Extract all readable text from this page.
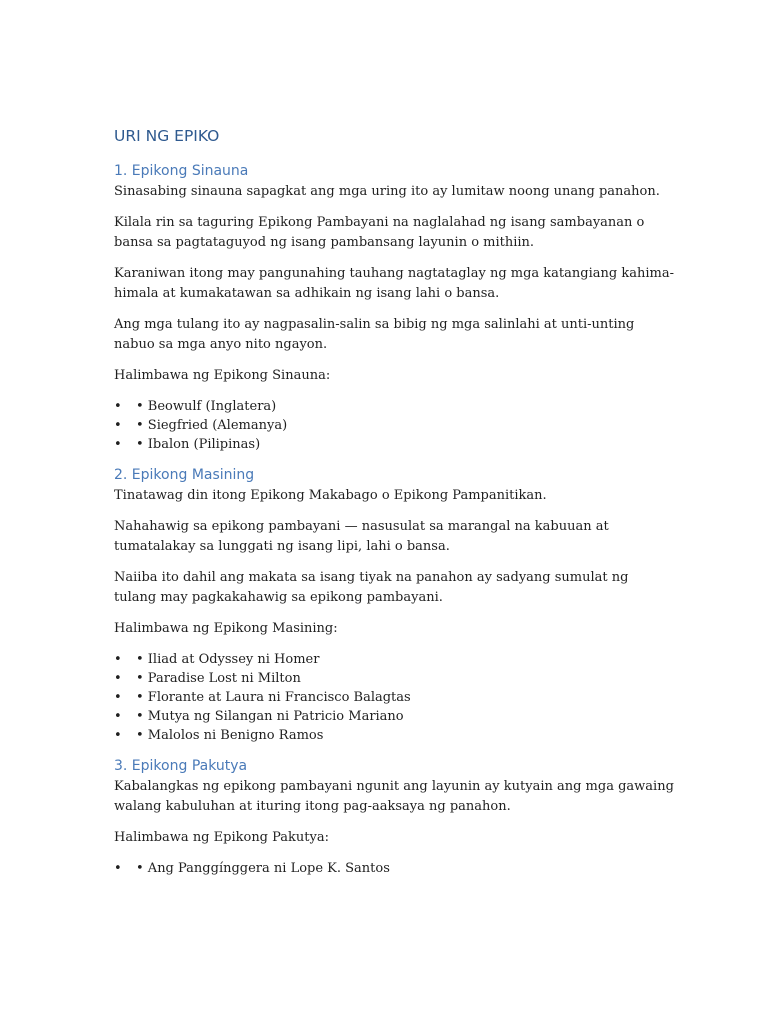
URI NG EPIKO
1. Epikong Sinauna

Sinasabing sinauna sapagkat ang mga uring ito ay lumitaw noong unang panahon.

Kilala rin sa taguring Epikong Pambayani na naglalahad ng isang sambayanan o bansa sa pagtataguyod ng isang pambansang layunin o mithiin.

Karaniwan itong may pangunahing tauhang nagtataglay ng mga katangiang kahima-himala at kumakatawan sa adhikain ng isang lahi o bansa.

Ang mga tulang ito ay nagpasalin-salin sa bibig ng mga salinlahi at unti-unting nabuo sa mga anyo nito ngayon.

Halimbawa ng Epikong Sinauna:

• • Beowulf (Inglatera)
• • Siegfried (Alemanya)
• • Ibalon (Pilipinas)
2. Epikong Masining

Tinatawag din itong Epikong Makabago o Epikong Pampanitikan.

Nahahawig sa epikong pambayani — nasusulat sa marangal na kabuuan at tumatalakay sa lunggati ng isang lipi, lahi o bansa.

Naiiba ito dahil ang makata sa isang tiyak na panahon ay sadyang sumulat ng tulang may pagkakahawig sa epikong pambayani.

Halimbawa ng Epikong Masining:

• • Iliad at Odyssey ni Homer
• • Paradise Lost ni Milton
• • Florante at Laura ni Francisco Balagtas
• • Mutya ng Silangan ni Patricio Mariano
• • Malolos ni Benigno Ramos
3. Epikong Pakutya

Kabalangkas ng epikong pambayani ngunit ang layunin ay kutyain ang mga gawaing walang kabuluhan at ituring itong pag-aaksaya ng panahon.

Halimbawa ng Epikong Pakutya:

• • Ang Panggínggera ni Lope K. Santos
